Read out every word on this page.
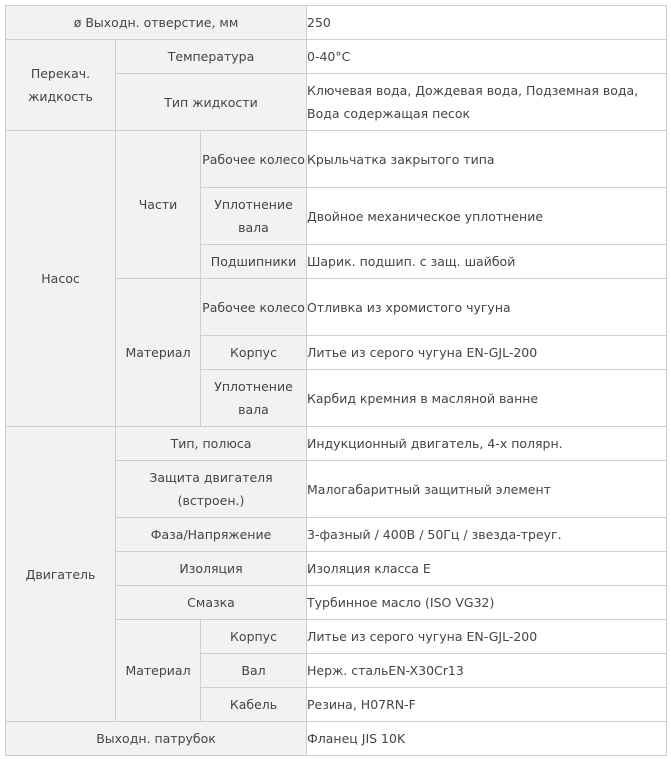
ø Выходн. отверстие, мм			250
Перекач. жидкость	Температура		0-40°C
	Тип жидкости		Ключевая вода, Дождевая вода, Подземная вода, Вода содержащая песок
Насос	Части	Рабочее колесо	Крыльчатка закрытого типа
		Уплотнение вала	Двойное механическое уплотнение
		Подшипники	Шарик. подшип. с защ. шайбой
	Материал	Рабочее колесо	Отливка из хромистого чугуна
		Корпус	Литье из серого чугуна EN-GJL-200
		Уплотнение вала	Карбид кремния в масляной ванне
Двигатель	Тип, полюса		Индукционный двигатель, 4-х полярн.
	Защита двигателя (встроен.)		Малогабаритный защитный элемент
	Фаза/Напряжение		3-фазный / 400В / 50Гц / звезда-треуг.
	Изоляция		Изоляция класса Е
	Смазка		Турбинное масло (ISO VG32)
	Материал	Корпус	Литье из серого чугуна EN-GJL-200
		Вал	Нерж. стальEN-X30Cr13
		Кабель	Резина, H07RN-F
Выходн. патрубок			Фланец JIS 10K
